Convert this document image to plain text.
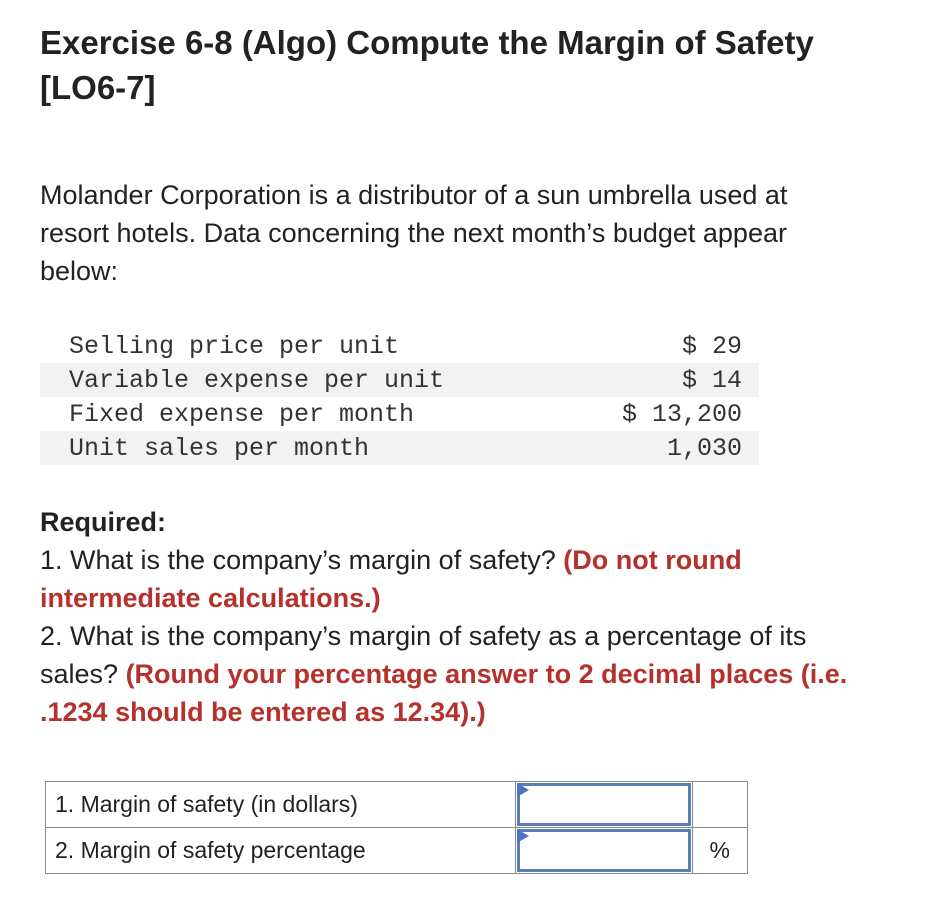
Exercise 6-8 (Algo) Compute the Margin of Safety
[LO6-7]
Molander Corporation is a distributor of a sun umbrella used at
resort hotels. Data concerning the next month’s budget appear
below:
Selling price per unit	$ 29
Variable expense per unit	$ 14
Fixed expense per month	$ 13,200
Unit sales per month	1,030
Required:
1. What is the company’s margin of safety? (Do not round
intermediate calculations.)
2. What is the company’s margin of safety as a percentage of its
sales? (Round your percentage answer to 2 decimal places (i.e.
.1234 should be entered as 12.34).)
1. Margin of safety (in dollars)	

2. Margin of safety percentage		%
